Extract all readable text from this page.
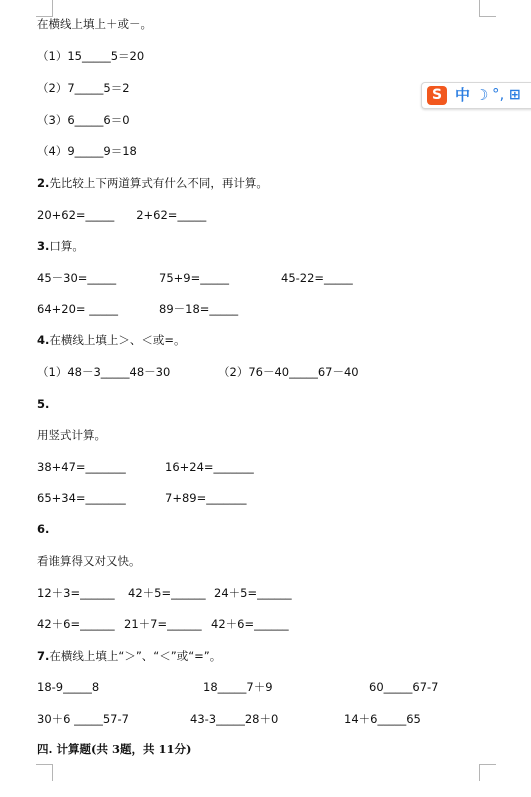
在横线上填上＋或－。
（1）15_____5＝20
（2）7_____5＝2
（3）6_____6＝0
（4）9_____9＝18
2.先比较上下两道算式有什么不同，再计算。
20+62=_____      2+62=_____
3.口算。
45－30=_____	75+9=_____	45-22=_____
64+20= _____	89－18=_____
4.在横线上填上＞、＜或=。
（1）48－3_____48－30	（2）76－40_____67－40
5.
用竖式计算。
38+47=_______	16+24=_______
65+34=_______	7+89=_______
6.
看谁算得又对又快。
12＋3=______ 42＋5=______ 24＋5=______
42＋6=______ 21＋7=______ 42＋6=______
7.在横线上填上“＞”、“＜”或“=”。
18-9_____8	18_____7＋9	60_____67-7
30＋6 _____57-7	43-3_____28＋0	14＋6_____65
四. 计算题(共 3题，共 11分)
S 中 ☽ °, ⊞
